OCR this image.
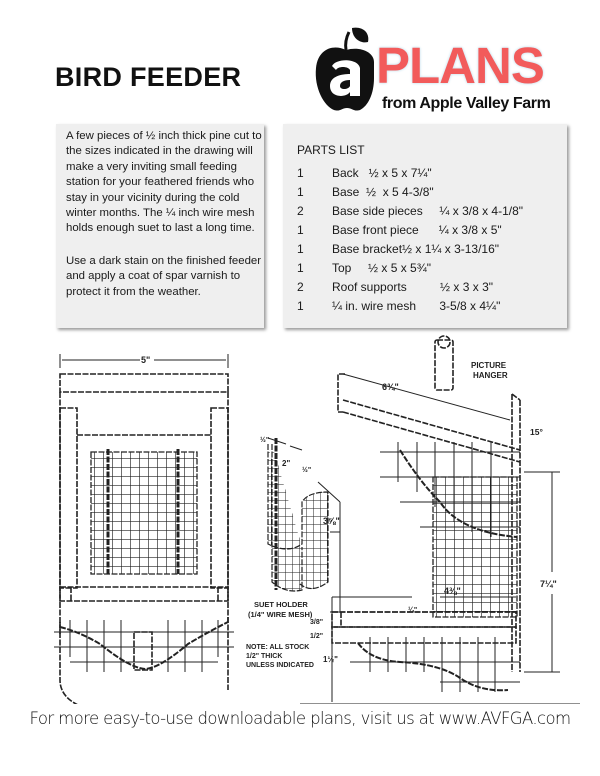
BIRD FEEDER	PLANS
from Apple Valley Farm

A few pieces of ½ inch thick pine cut to the sizes indicated in the drawing will make a very inviting small feeding station for your feathered friends who stay in your vicinity during the cold winter months. The ¼ inch wire mesh holds enough suet to last a long time.

Use a dark stain on the finished feeder and apply a coat of spar varnish to protect it from the weather.

PARTS LIST
1 Back   ½ x 5 x 7¼"
1 Base  ½  x 5 4-3/8"
2 Base side pieces     ¼ x 3/8 x 4-1/8"
1 Base front piece      ¼ x 3/8 x 5"
1 Base bracket½ x 1¼ x 3-13/16"
1 Top     ½ x 5 x 5¾"
2 Roof supports          ½ x 3 x 3"
1 ¼ in. wire mesh       3-5/8 x 4¼"
5"
2"
½"
½"
3⅝"
SUET HOLDER
(1/4" WIRE MESH)
NOTE: ALL STOCK
1/2" THICK
UNLESS INDICATED
1½"
6¾"
PICTURE
HANGER
15°
7¼"
4⅜"
¼"
3/8"
1/2"
For more easy-to-use downloadable plans, visit us at www.AVFGA.com
